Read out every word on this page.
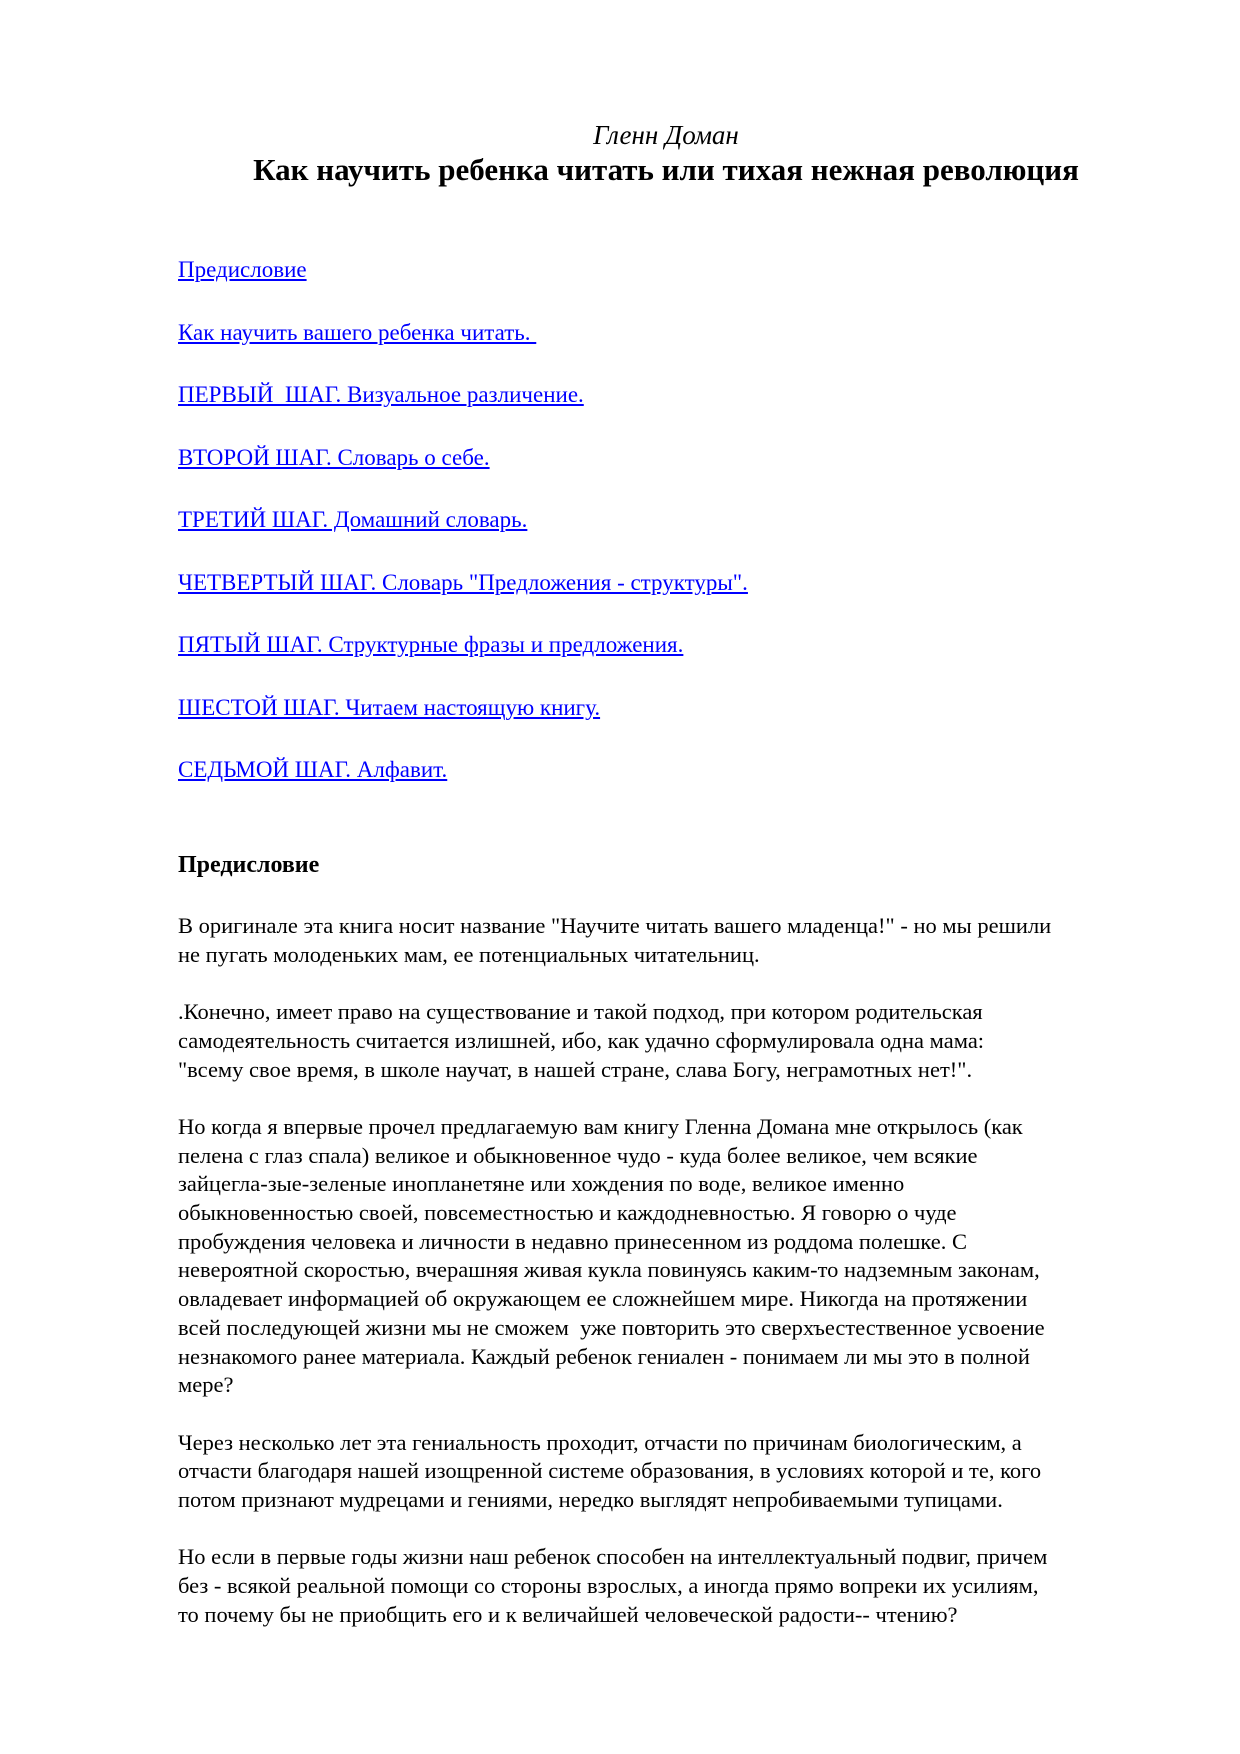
Гленн Доман
Как научить ребенка читать или тихая нежная революция
Предисловие
Как научить вашего ребенка читать.
ПЕРВЫЙ  ШАГ. Визуальное различение.
ВТОРОЙ ШАГ. Словарь о себе.
ТРЕТИЙ ШАГ. Домашний словарь.
ЧЕТВЕРТЫЙ ШАГ. Словарь "Предложения - структуры".
ПЯТЫЙ ШАГ. Структурные фразы и предложения.
ШЕСТОЙ ШАГ. Читаем настоящую книгу.
СЕДЬМОЙ ШАГ. Алфавит.
Предисловие
В оригинале эта книга носит название "Научите читать вашего младенца!" - но мы решили
не пугать молоденьких мам, ее потенциальных читательниц.
.Конечно, имеет право на существование и такой подход, при котором родительская
самодеятельность считается излишней, ибо, как удачно сформулировала одна мама:
"всему свое время, в школе научат, в нашей стране, слава Богу, неграмотных нет!".
Но когда я впервые прочел предлагаемую вам книгу Гленна Домана мне открылось (как
пелена с глаз спала) великое и обыкновенное чудо - куда более великое, чем всякие
зайцегла-зые-зеленые инопланетяне или хождения по воде, великое именно
обыкновенностью своей, повсеместностью и каждодневностью. Я говорю о чуде
пробуждения человека и личности в недавно принесенном из роддома полешке. С
невероятной скоростью, вчерашняя живая кукла повинуясь каким-то надземным законам,
овладевает информацией об окружающем ее сложнейшем мире. Никогда на протяжении
всей последующей жизни мы не сможем  уже повторить это сверхъестественное усвоение
незнакомого ранее материала. Каждый ребенок гениален - понимаем ли мы это в полной
мере?
Через несколько лет эта гениальность проходит, отчасти по причинам биологическим, а
отчасти благодаря нашей изощренной системе образования, в условиях которой и те, кого
потом признают мудрецами и гениями, нередко выглядят непробиваемыми тупицами.
Но если в первые годы жизни наш ребенок способен на интеллектуальный подвиг, причем
без - всякой реальной помощи со стороны взрослых, а иногда прямо вопреки их усилиям,
то почему бы не приобщить его и к величайшей человеческой радости-- чтению?
